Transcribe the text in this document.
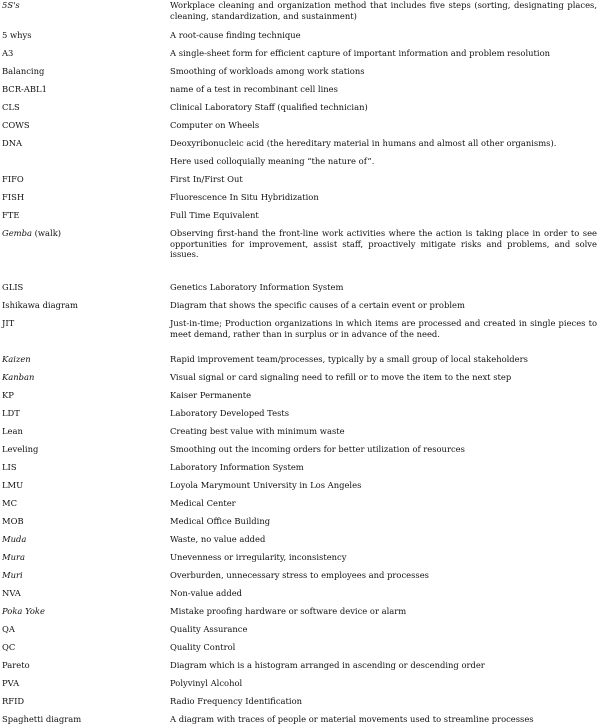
5S's	Workplace cleaning and organization method that includes five steps (sorting, designating places, cleaning, standardization, and sustainment)
5 whys	A root-cause finding technique
A3	A single-sheet form for efficient capture of important information and problem resolution
Balancing	Smoothing of workloads among work stations
BCR-ABL1	name of a test in recombinant cell lines
CLS	Clinical Laboratory Staff (qualified technician)
COWS	Computer on Wheels
DNA	Deoxyribonucleic acid (the hereditary material in humans and almost all other organisms).
Here used colloquially meaning “the nature of”.
FIFO	First In/First Out
FISH	Fluorescence In Situ Hybridization
FTE	Full Time Equivalent
Gemba (walk)	Observing first-hand the front-line work activities where the action is taking place in order to see opportunities for improvement, assist staff, proactively mitigate risks and problems, and solve issues.
GLIS	Genetics Laboratory Information System
Ishikawa diagram	Diagram that shows the specific causes of a certain event or problem
JIT	Just-in-time; Production organizations in which items are processed and created in single pieces to meet demand, rather than in surplus or in advance of the need.
Kaizen	Rapid improvement team/processes, typically by a small group of local stakeholders
Kanban	Visual signal or card signaling need to refill or to move the item to the next step
KP	Kaiser Permanente
LDT	Laboratory Developed Tests
Lean	Creating best value with minimum waste
Leveling	Smoothing out the incoming orders for better utilization of resources
LIS	Laboratory Information System
LMU	Loyola Marymount University in Los Angeles
MC	Medical Center
MOB	Medical Office Building
Muda	Waste, no value added
Mura	Unevenness or irregularity, inconsistency
Muri	Overburden, unnecessary stress to employees and processes
NVA	Non-value added
Poka Yoke	Mistake proofing hardware or software device or alarm
QA	Quality Assurance
QC	Quality Control
Pareto	Diagram which is a histogram arranged in ascending or descending order
PVA	Polyvinyl Alcohol
RFID	Radio Frequency Identification
Spaghetti diagram	A diagram with traces of people or material movements used to streamline processes
